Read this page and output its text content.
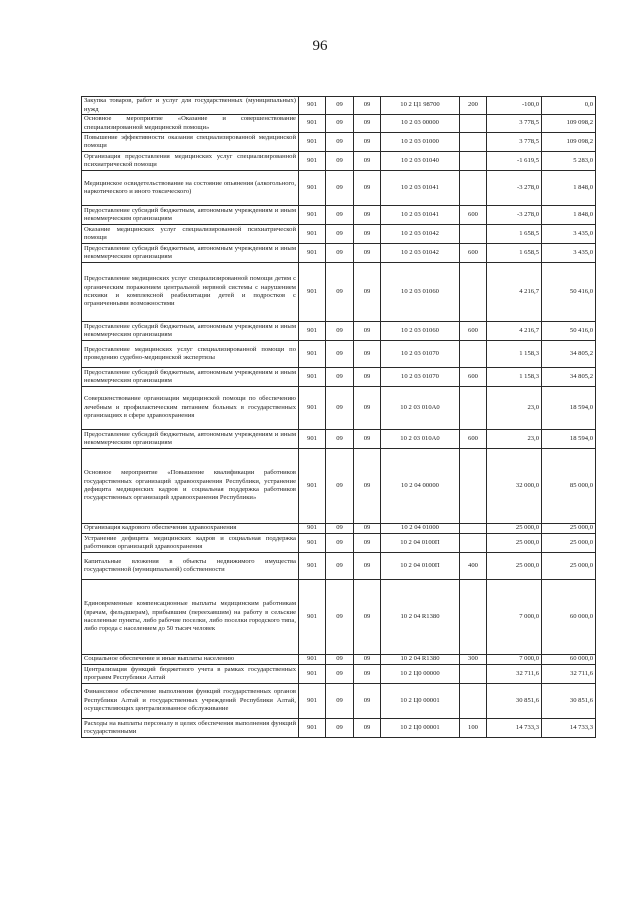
96
Закупка товаров, работ и услуг для государственных (муниципальных) нужд	901	09	09	10 2 Ц1 98700	200	-100,0	0,0
Основное мероприятие «Оказание и совершенствование специализированной медицинской помощи»	901	09	09	10 2 03 00000		3 778,5	109 098,2
Повышение эффективности оказания специализированной медицинской помощи	901	09	09	10 2 03 01000		3 778,5	109 098,2
Организация предоставления медицинских услуг специализированной психиатрической помощи	901	09	09	10 2 03 01040		-1 619,5	5 283,0
Медицинское освидетельствование на состояние опьянения (алкогольного, наркотического и иного токсического)	901	09	09	10 2 03 01041		-3 278,0	1 848,0
Предоставление субсидий бюджетным, автономным учреждениям и иным некоммерческим организациям	901	09	09	10 2 03 01041	600	-3 278,0	1 848,0
Оказание медицинских услуг специализированной психиатрической помощи	901	09	09	10 2 03 01042		1 658,5	3 435,0
Предоставление субсидий бюджетным, автономным учреждениям и иным некоммерческим организациям	901	09	09	10 2 03 01042	600	1 658,5	3 435,0
Предоставление медицинских услуг специализированной помощи детям с органическим поражением центральной нервной системы с нарушением психики и комплексной реабилитации детей и подростков с ограниченными возможностями	901	09	09	10 2 03 01060		4 216,7	50 416,0
Предоставление субсидий бюджетным, автономным учреждениям и иным некоммерческим организациям	901	09	09	10 2 03 01060	600	4 216,7	50 416,0
Предоставление медицинских услуг специализированной помощи по проведению судебно-медицинской экспертизы	901	09	09	10 2 03 01070		1 158,3	34 805,2
Предоставление субсидий бюджетным, автономным учреждениям и иным некоммерческим организациям	901	09	09	10 2 03 01070	600	1 158,3	34 805,2
Совершенствование организации медицинской помощи по обеспечению лечебным и профилактическим питанием больных в государственных организациях в сфере здравоохранения	901	09	09	10 2 03 010А0		23,0	18 594,0
Предоставление субсидий бюджетным, автономным учреждениям и иным некоммерческим организациям	901	09	09	10 2 03 010А0	600	23,0	18 594,0
Основное мероприятие «Повышение квалификации работников государственных организаций здравоохранения Республики, устранение дефицита медицинских кадров и социальная поддержка работников государственных организаций здравоохранения Республики»	901	09	09	10 2 04 00000		32 000,0	85 000,0
Организация кадрового обеспечения здравоохранения	901	09	09	10 2 04 01000		25 000,0	25 000,0
Устранение дефицита медицинских кадров и социальная поддержка работников организаций здравоохранения	901	09	09	10 2 04 0100П		25 000,0	25 000,0
Капитальные вложения в объекты недвижимого имущества государственной (муниципальной) собственности	901	09	09	10 2 04 0100П	400	25 000,0	25 000,0
Единовременные компенсационные выплаты медицинским работникам (врачам, фельдшерам), прибывшим (переехавшим) на работу в сельские населенные пункты, либо рабочие поселки, либо поселки городского типа, либо города с населением до 50 тысяч человек	901	09	09	10 2 04 R1380		7 000,0	60 000,0
Социальное обеспечение и иные выплаты населению	901	09	09	10 2 04 R1380	300	7 000,0	60 000,0
Централизация функций бюджетного учета в рамках государственных программ Республики Алтай	901	09	09	10 2 Ц0 00000		32 711,6	32 711,6
Финансовое обеспечение выполнения функций государственных органов Республики Алтай и государственных учреждений Республики Алтай, осуществляющих централизованное обслуживание	901	09	09	10 2 Ц0 00001		30 851,6	30 851,6
Расходы на выплаты персоналу в целях обеспечения выполнения функций государственными	901	09	09	10 2 Ц0 00001	100	14 733,3	14 733,3
